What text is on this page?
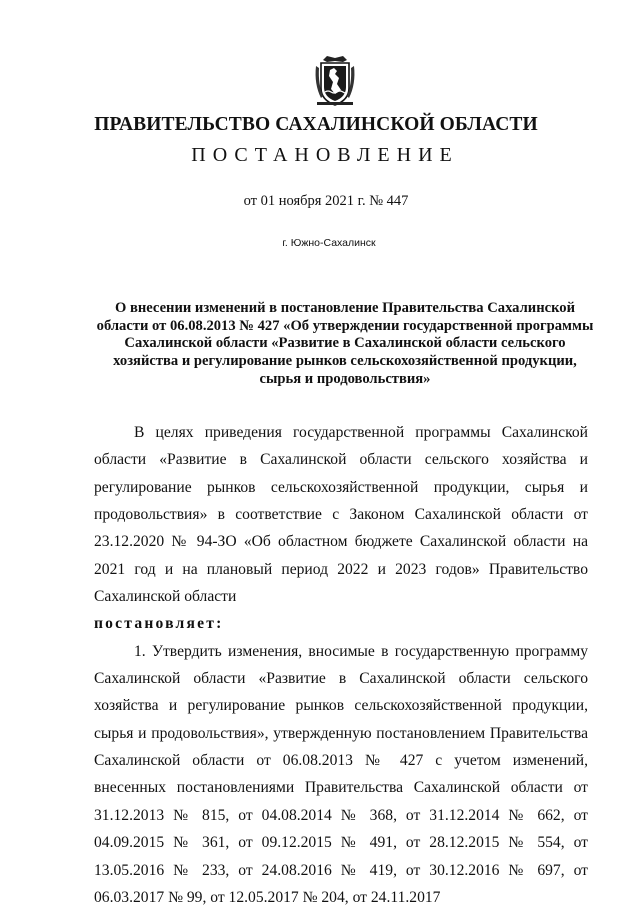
ПРАВИТЕЛЬСТВО САХАЛИНСКОЙ ОБЛАСТИ
ПОСТАНОВЛЕНИЕ
от 01 ноября 2021 г. № 447
г. Южно-Сахалинск
О внесении изменений в постановление Правительства Сахалинской области от 06.08.2013 № 427 «Об утверждении государственной программы Сахалинской области «Развитие в Сахалинской области сельского хозяйства и регулирование рынков сельскохозяйственной продукции, сырья и продовольствия»

В целях приведения государственной программы Сахалинской области «Развитие в Сахалинской области сельского хозяйства и регулирование рынков сельскохозяйственной продукции, сырья и продовольствия» в соответствие с Законом Сахалинской области от 23.12.2020 № 94-ЗО «Об областном бюджете Сахалинской области на 2021 год и на плановый период 2022 и 2023 годов» Правительство Сахалинской области

постановляет:

1. Утвердить изменения, вносимые в государственную программу Сахалинской области «Развитие в Сахалинской области сельского хозяйства и регулирование рынков сельскохозяйственной продукции, сырья и продовольствия», утвержденную постановлением Правительства Сахалинской области от 06.08.2013 № 427 с учетом изменений, внесенных постановлениями Правительства Сахалинской области от 31.12.2013 № 815, от 04.08.2014 № 368, от 31.12.2014 № 662, от 04.09.2015 № 361, от 09.12.2015 № 491, от 28.12.2015 № 554, от 13.05.2016 № 233, от 24.08.2016 № 419, от 30.12.2016 № 697, от 06.03.2017 № 99, от 12.05.2017 № 204, от 24.11.2017
